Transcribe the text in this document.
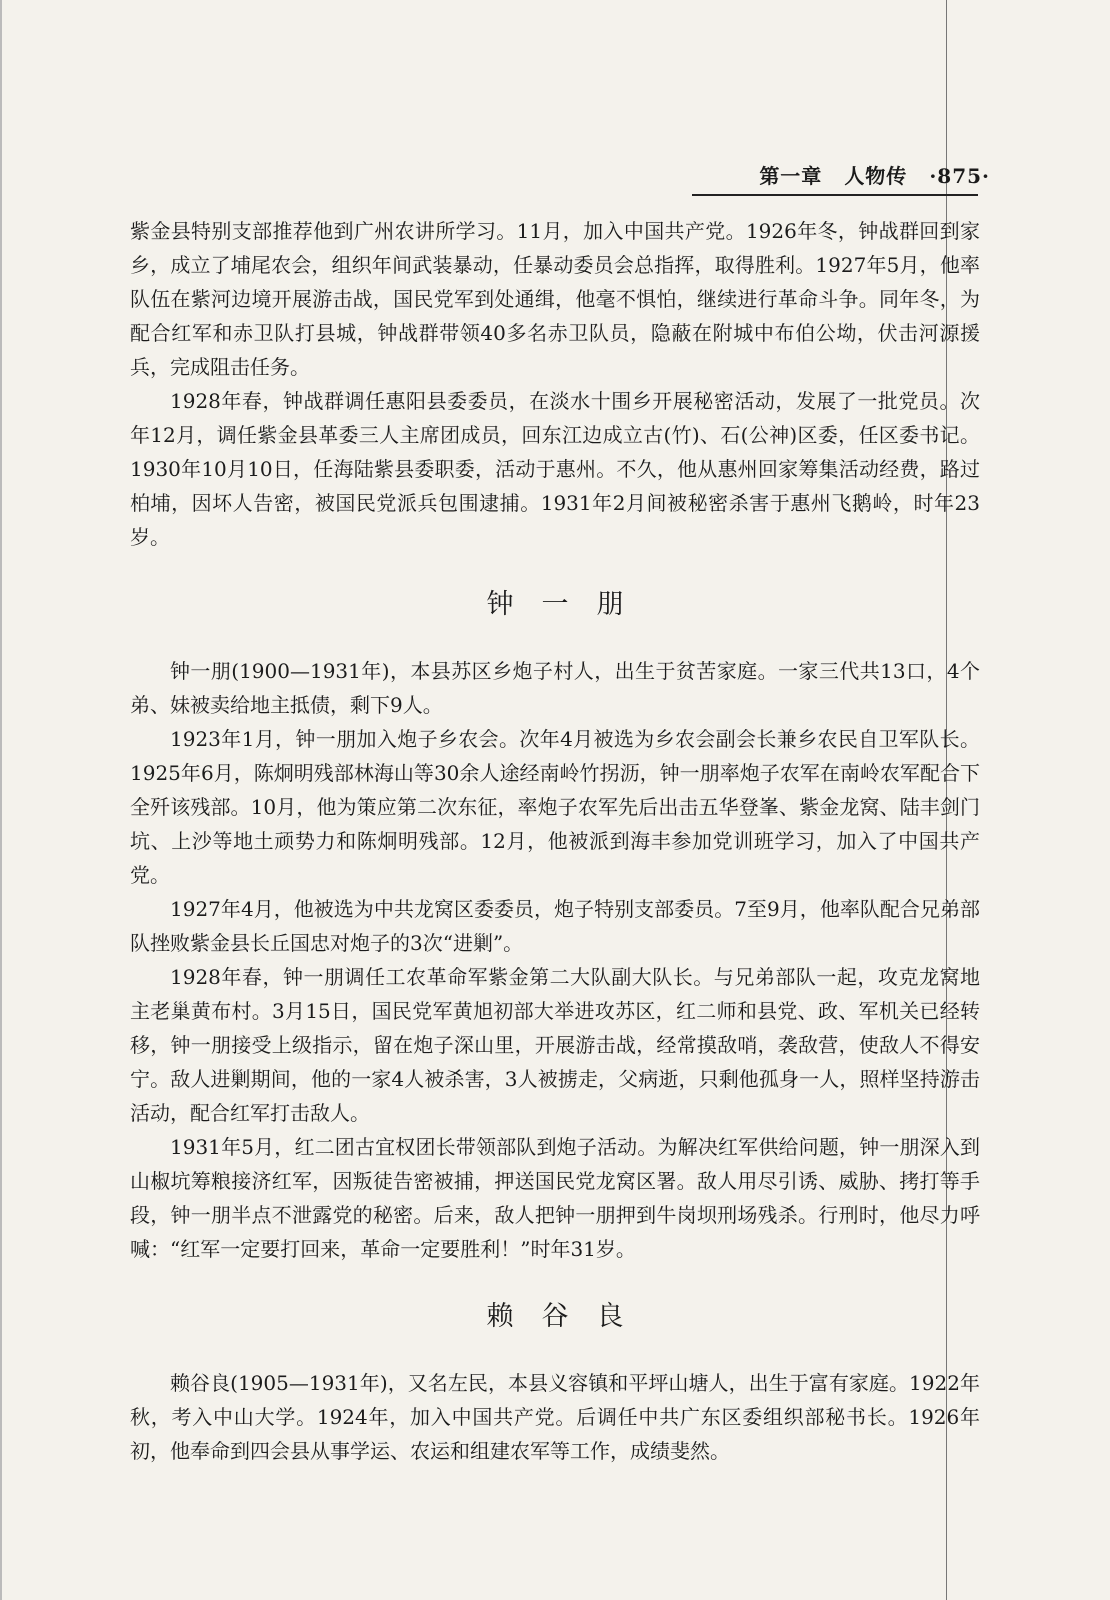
第一章 人物传 ·875·

紫金县特别支部推荐他到广州农讲所学习。11月，加入中国共产党。1926年冬，钟战群回到家乡，成立了埔尾农会，组织年间武装暴动，任暴动委员会总指挥，取得胜利。1927年5月，他率队伍在紫河边境开展游击战，国民党军到处通缉，他毫不惧怕，继续进行革命斗争。同年冬，为配合红军和赤卫队打县城，钟战群带领40多名赤卫队员，隐蔽在附城中布伯公坳，伏击河源援兵，完成阻击任务。

1928年春，钟战群调任惠阳县委委员，在淡水十围乡开展秘密活动，发展了一批党员。次年12月，调任紫金县革委三人主席团成员，回东江边成立古(竹)、石(公神)区委，任区委书记。1930年10月10日，任海陆紫县委职委，活动于惠州。不久，他从惠州回家筹集活动经费，路过柏埔，因坏人告密，被国民党派兵包围逮捕。1931年2月间被秘密杀害于惠州飞鹅岭，时年23岁。

钟一朋

钟一朋(1900—1931年)，本县苏区乡炮子村人，出生于贫苦家庭。一家三代共13口，4个弟、妹被卖给地主抵债，剩下9人。

1923年1月，钟一朋加入炮子乡农会。次年4月被选为乡农会副会长兼乡农民自卫军队长。1925年6月，陈炯明残部林海山等30余人途经南岭竹拐沥，钟一朋率炮子农军在南岭农军配合下全歼该残部。10月，他为策应第二次东征，率炮子农军先后出击五华登峯、紫金龙窝、陆丰剑门坑、上沙等地土顽势力和陈炯明残部。12月，他被派到海丰参加党训班学习，加入了中国共产党。

1927年4月，他被选为中共龙窝区委委员，炮子特别支部委员。7至9月，他率队配合兄弟部队挫败紫金县长丘国忠对炮子的3次“进剿”。

1928年春，钟一朋调任工农革命军紫金第二大队副大队长。与兄弟部队一起，攻克龙窝地主老巢黄布村。3月15日，国民党军黄旭初部大举进攻苏区，红二师和县党、政、军机关已经转移，钟一朋接受上级指示，留在炮子深山里，开展游击战，经常摸敌哨，袭敌营，使敌人不得安宁。敌人进剿期间，他的一家4人被杀害，3人被掳走，父病逝，只剩他孤身一人，照样坚持游击活动，配合红军打击敌人。

1931年5月，红二团古宜权团长带领部队到炮子活动。为解决红军供给问题，钟一朋深入到山椒坑筹粮接济红军，因叛徒告密被捕，押送国民党龙窝区署。敌人用尽引诱、威胁、拷打等手段，钟一朋半点不泄露党的秘密。后来，敌人把钟一朋押到牛岗坝刑场残杀。行刑时，他尽力呼喊：“红军一定要打回来，革命一定要胜利！”时年31岁。

赖谷良

赖谷良(1905—1931年)，又名左民，本县义容镇和平坪山塘人，出生于富有家庭。1922年秋，考入中山大学。1924年，加入中国共产党。后调任中共广东区委组织部秘书长。1926年初，他奉命到四会县从事学运、农运和组建农军等工作，成绩斐然。
